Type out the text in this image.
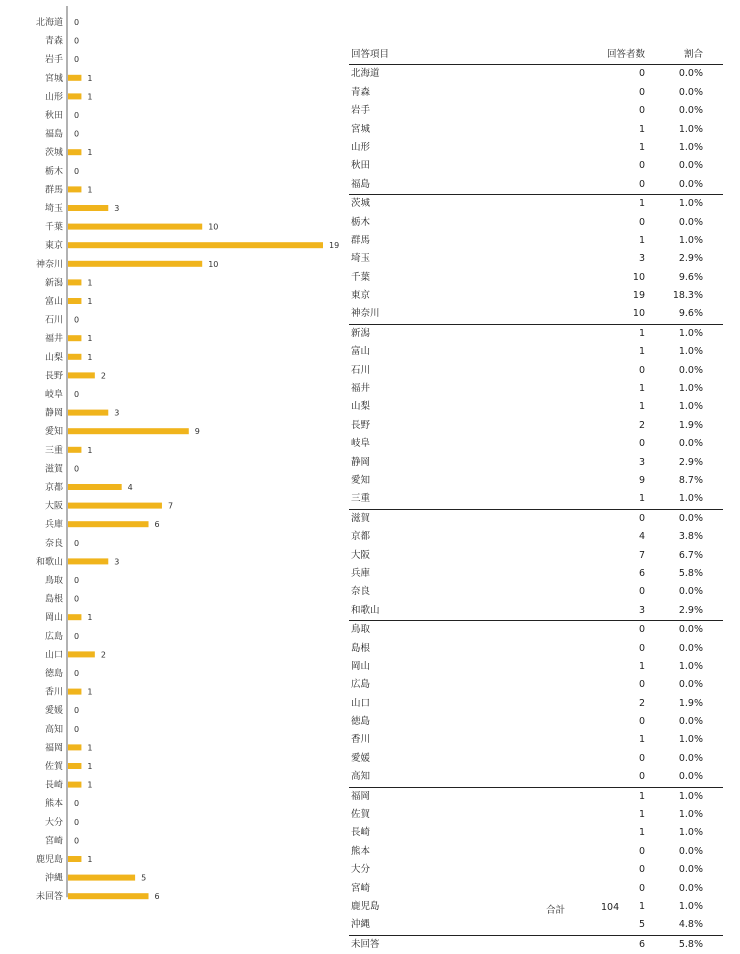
北海道 0
青森 0
岩手 0
宮城	1
山形	1
秋田 0
福島 0
茨城	1
栃木 0
群馬	1
埼玉	3
千葉	10
東京	19
神奈川	10
新潟	1
富山	1
石川 0
福井	1
山梨	1
長野	2
岐阜 0
静岡	3
愛知	9
三重	1
滋賀 0
京都	4
大阪	7
兵庫	6
奈良 0
和歌山	3
鳥取 0
島根 0
岡山	1
広島 0
山口	2
徳島 0
香川	1
愛媛 0
高知 0
福岡	1
佐賀	1
長崎	1
熊本 0
大分 0
宮崎 0
鹿児島	1
沖縄	5
未回答	6
回答項目	回答者数	割合
北海道	0	0.0%
青森	0	0.0%
岩手	0	0.0%
宮城	1	1.0%
山形	1	1.0%
秋田	0	0.0%
福島	0	0.0%
茨城	1	1.0%
栃木	0	0.0%
群馬	1	1.0%
埼玉	3	2.9%
千葉	10	9.6%
東京	19	18.3%
神奈川	10	9.6%
新潟	1	1.0%
富山	1	1.0%
石川	0	0.0%
福井	1	1.0%
山梨	1	1.0%
長野	2	1.9%
岐阜	0	0.0%
静岡	3	2.9%
愛知	9	8.7%
三重	1	1.0%
滋賀	0	0.0%
京都	4	3.8%
大阪	7	6.7%
兵庫	6	5.8%
奈良	0	0.0%
和歌山	3	2.9%
鳥取	0	0.0%
島根	0	0.0%
岡山	1	1.0%
広島	0	0.0%
山口	2	1.9%
徳島	0	0.0%
香川	1	1.0%
愛媛	0	0.0%
高知	0	0.0%
福岡	1	1.0%
佐賀	1	1.0%
長崎	1	1.0%
熊本	0	0.0%
大分	0	0.0%
宮崎	0	0.0%
鹿児島	1	1.0%
沖縄	5	4.8%
未回答	6	5.8%
合計	104
